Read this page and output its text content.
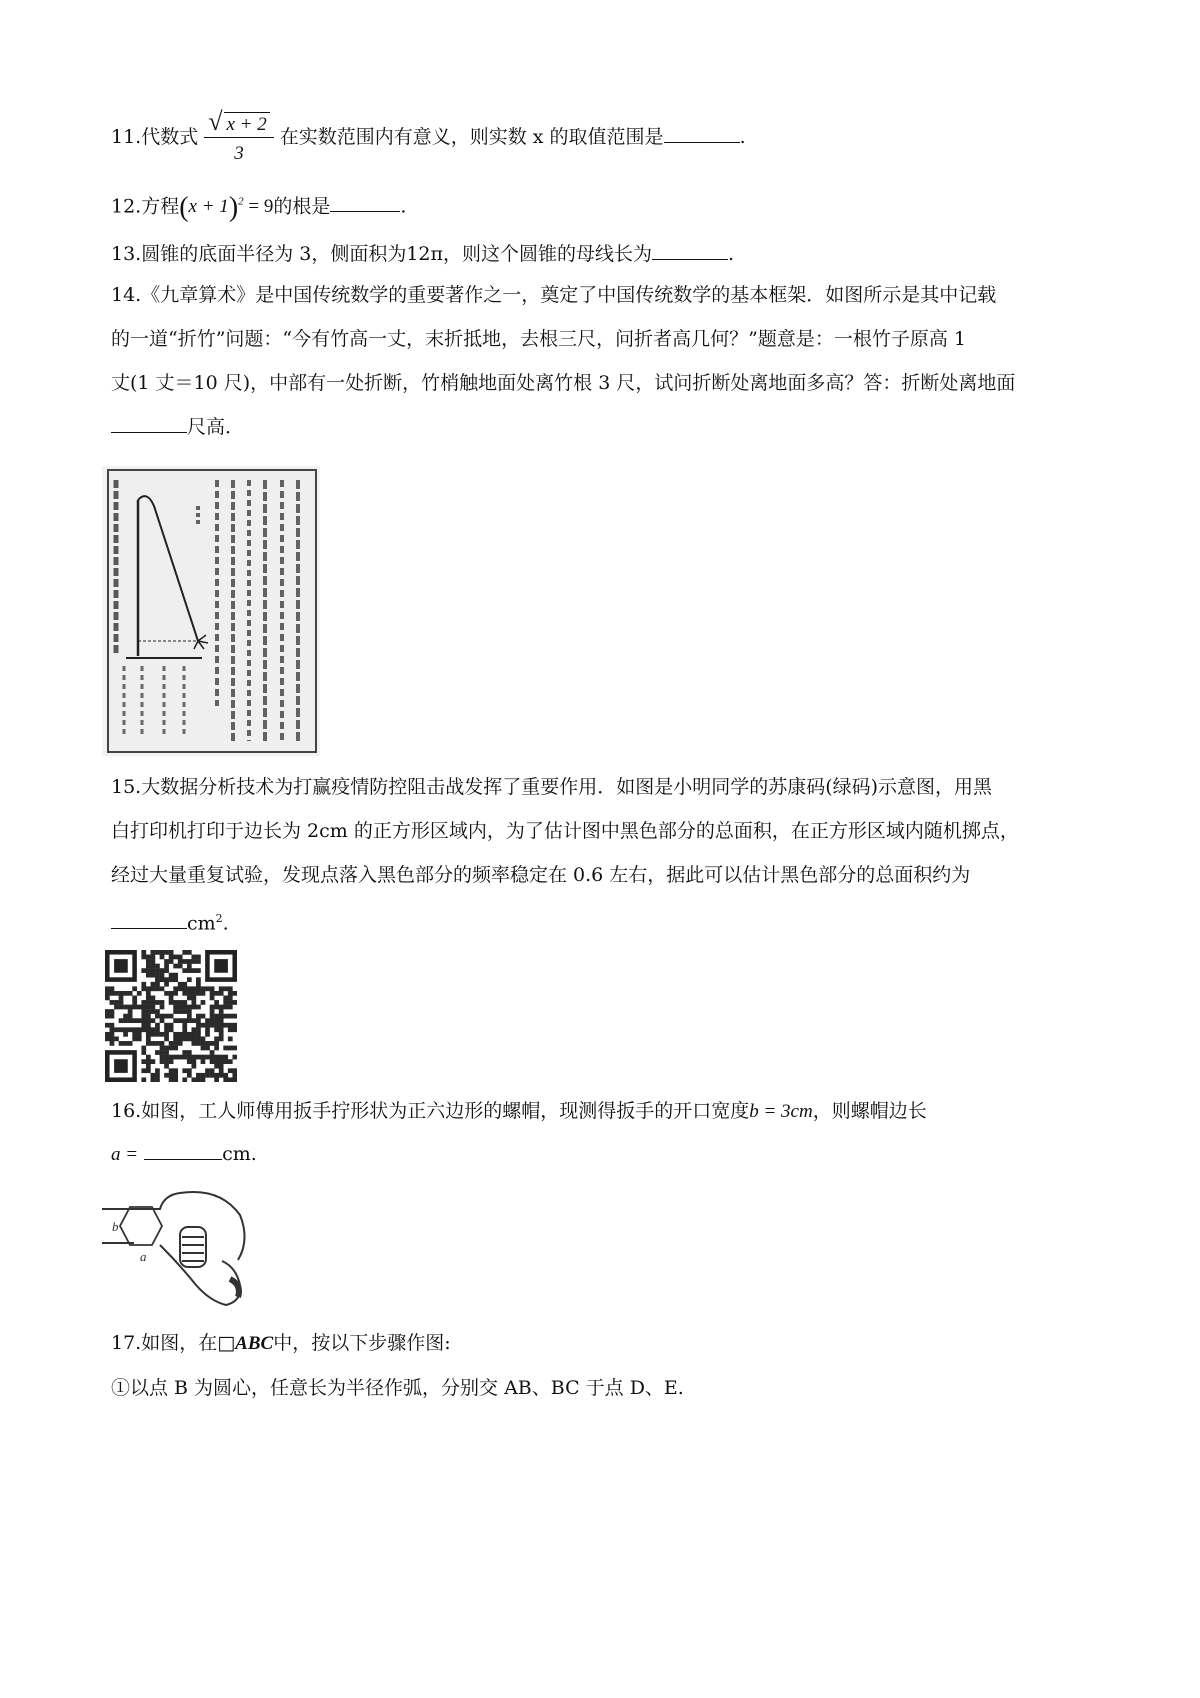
11.代数式 $\frac{√ x + 2}{3}$ 在实数范围内有意义，则实数 x 的取值范围是	.
12.方程$(x + 1)^2 = 9$的根是	.
13.圆锥的底面半径为 3，侧面积为12π，则这个圆锥的母线长为	.
14.《九章算术》是中国传统数学的重要著作之一，奠定了中国传统数学的基本框架．如图所示是其中记载
的一道“折竹”问题：“今有竹高一丈，末折抵地，去根三尺，问折者高几何？”题意是：一根竹子原高 1
丈(1 丈＝10 尺)，中部有一处折断，竹梢触地面处离竹根 3 尺，试问折断处离地面多高？答：折断处离地面
尺高．
15.大数据分析技术为打赢疫情防控阻击战发挥了重要作用．如图是小明同学的苏康码(绿码)示意图，用黑
白打印机打印于边长为 2cm 的正方形区域内，为了估计图中黑色部分的总面积，在正方形区域内随机掷点，
经过大量重复试验，发现点落入黑色部分的频率稳定在 0.6 左右，据此可以估计黑色部分的总面积约为
$cm^2$.
16.如图，工人师傅用扳手拧形状为正六边形的螺帽，现测得扳手的开口宽度b = 3cm，则螺帽边长
a =	cm.
b
a
17.如图，在□ABC中，按以下步骤作图:
①以点 B 为圆心，任意长为半径作弧，分别交 AB、BC 于点 D、E.
